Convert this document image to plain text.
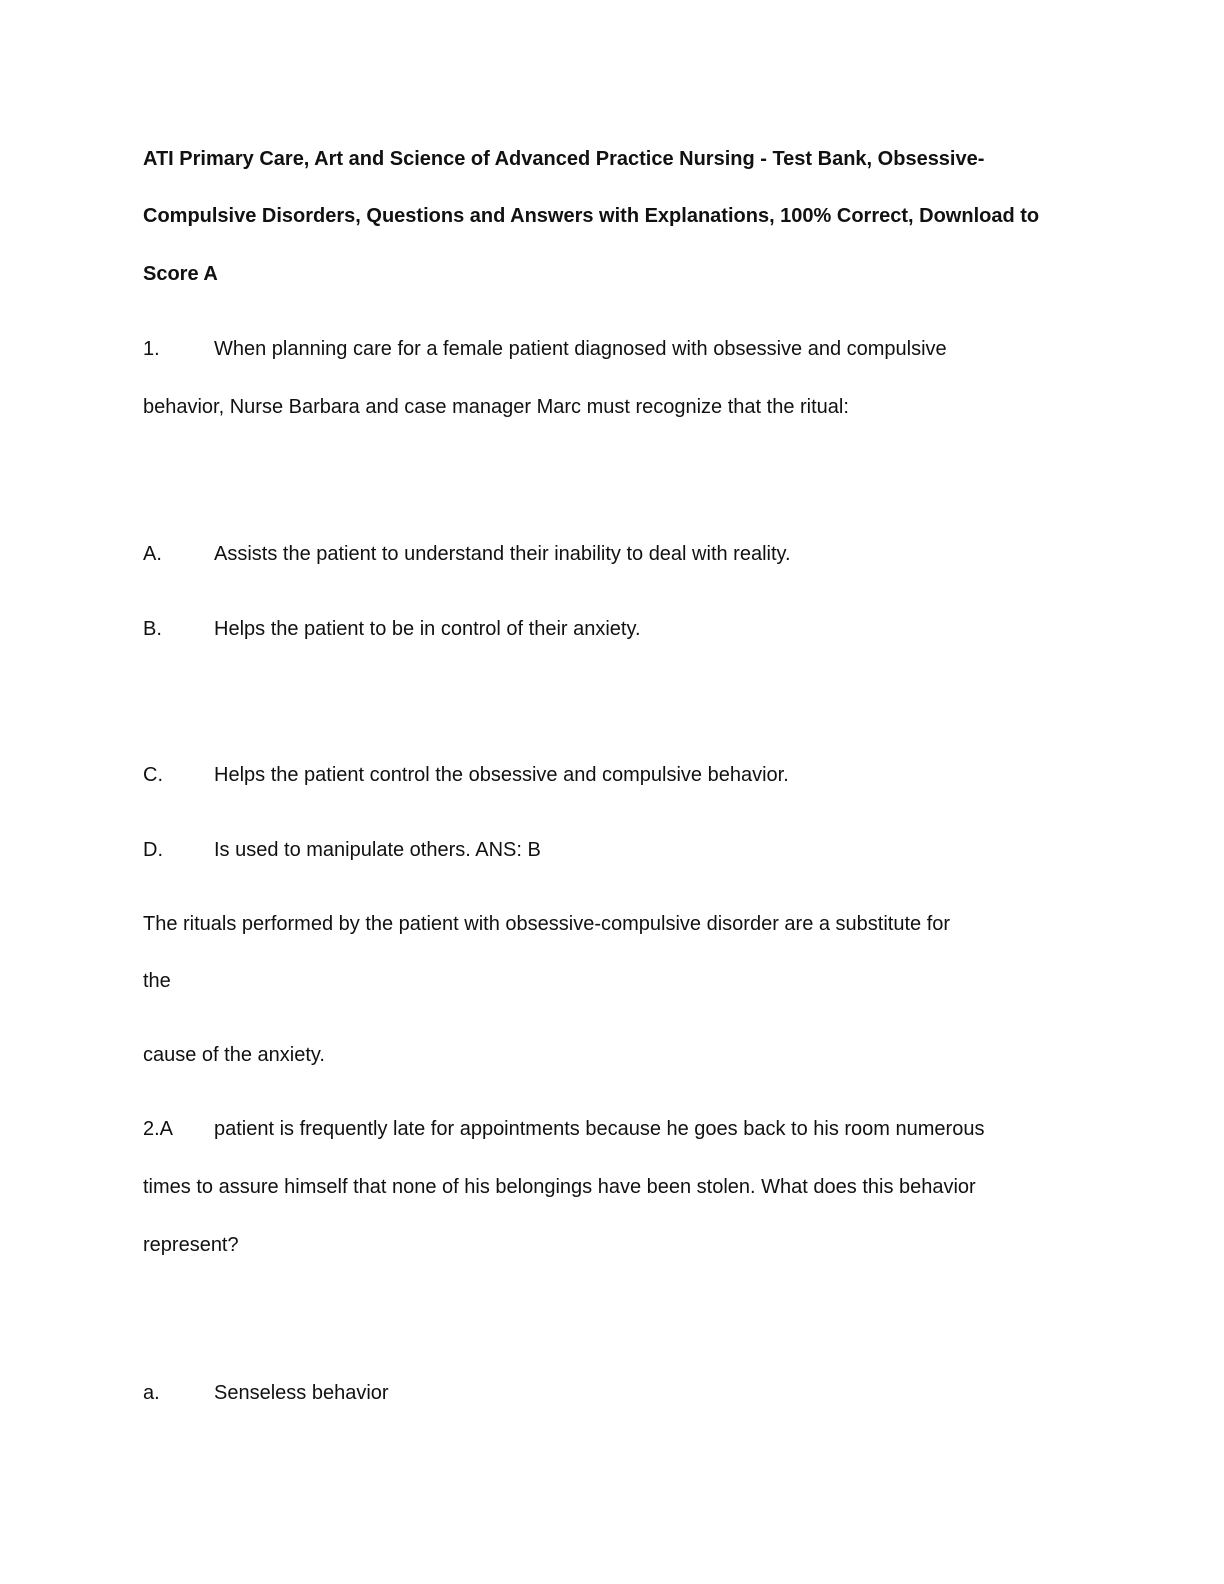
ATI Primary Care, Art and Science of Advanced Practice Nursing - Test Bank, Obsessive-
Compulsive Disorders, Questions and Answers with Explanations, 100% Correct, Download to
Score A
1.	When planning care for a female patient diagnosed with obsessive and compulsive
behavior, Nurse Barbara and case manager Marc must recognize that the ritual:
A.	Assists the patient to understand their inability to deal with reality.
B.	Helps the patient to be in control of their anxiety.
C.	Helps the patient control the obsessive and compulsive behavior.
D.	Is used to manipulate others. ANS: B
The rituals performed by the patient with obsessive-compulsive disorder are a substitute for
the
cause of the anxiety.
2.A patient is frequently late for appointments because he goes back to his room numerous
times to assure himself that none of his belongings have been stolen. What does this behavior
represent?
a.	Senseless behavior
